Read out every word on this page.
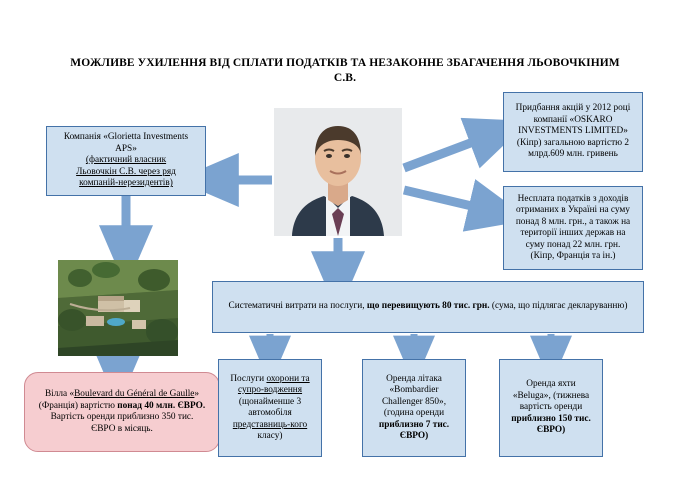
МОЖЛИВЕ УХИЛЕННЯ ВІД СПЛАТИ ПОДАТКІВ ТА НЕЗАКОННЕ ЗБАГАЧЕННЯ ЛЬОВОЧКІНИМ С.В.
Компанія «Glorietta Investments
APS»
(фактичний власник
Льовочкін С.В. через ряд
компаній-нерезидентів)
Придбання акцій у 2012 році
компанії «OSKARO
INVESTMENTS LIMITED»
(Кіпр) загальною вартістю 2
млрд.609 млн. гривень
Несплата податків з доходів
отриманих в Україні на суму
понад 8 млн. грн., а також на
території інших держав на
суму понад 22 млн. грн.
(Кіпр, Франція та ін.)
Систематичні витрати на послуги, що перевищують 80 тис. грн. (сума, що підлягає декларуванню)
Вілла «Boulevard du Général de Gaulle»
(Франція) вартістю понад 40 млн. ЄВРО.
Вартість оренди приблизно 350 тис.
ЄВРО в місяць.
Послуги охорони та
супро-водження
(щонайменше 3
автомобіля
представниць-кого
класу)
Оренда літака
«Bombardier
Challenger 850»,
(година оренди
приблизно 7 тис.
ЄВРО)
Оренда яхти
«Beluga», (тижнева
вартість оренди
приблизно 150 тис.
ЄВРО)
